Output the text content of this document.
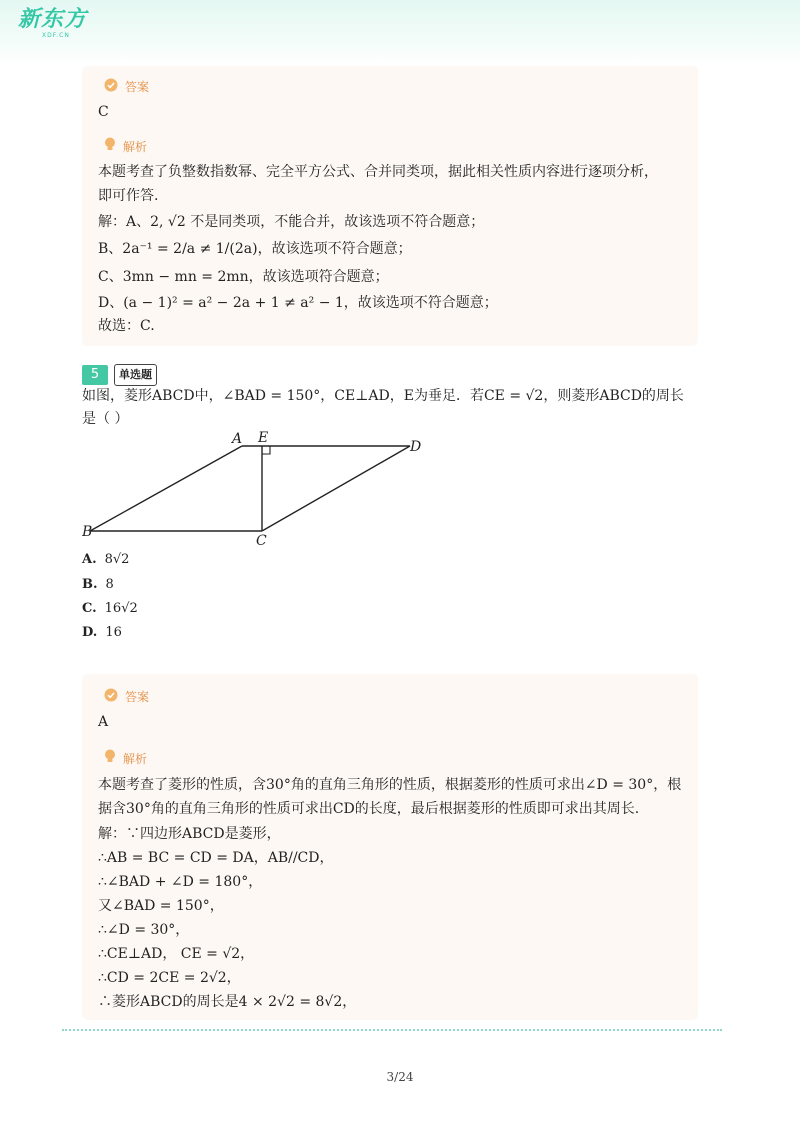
新东方
XDF.CN
答案
C
解析
本题考查了负整数指数幂、完全平方公式、合并同类项，据此相关性质内容进行逐项分析，
即可作答.
解：A、2, √2 不是同类项，不能合并，故该选项不符合题意；
B、2a⁻¹ = 2/a ≠ 1/(2a)，故该选项不符合题意；
C、3mn − mn = 2mn，故该选项符合题意；
D、(a − 1)² = a² − 2a + 1 ≠ a² − 1，故该选项不符合题意；
故选：C.
5	单选题
如图，菱形ABCD中，∠BAD = 150°，CE⊥AD，E为垂足．若CE = √2，则菱形ABCD的周长
是（ ）
A E
D
B
C
A. 8√2
B. 8
C. 16√2
D. 16
答案
A
解析
本题考查了菱形的性质，含30°角的直角三角形的性质，根据菱形的性质可求出∠D = 30°，根
据含30°角的直角三角形的性质可求出CD的长度，最后根据菱形的性质即可求出其周长.
解：∵四边形ABCD是菱形，
∴AB = BC = CD = DA，AB//CD，
∴∠BAD + ∠D = 180°，
又∠BAD = 150°，
∴∠D = 30°，
∴CE⊥AD， CE = √2，
∴CD = 2CE = 2√2，
∴菱形ABCD的周长是4 × 2√2 = 8√2，
3/24
